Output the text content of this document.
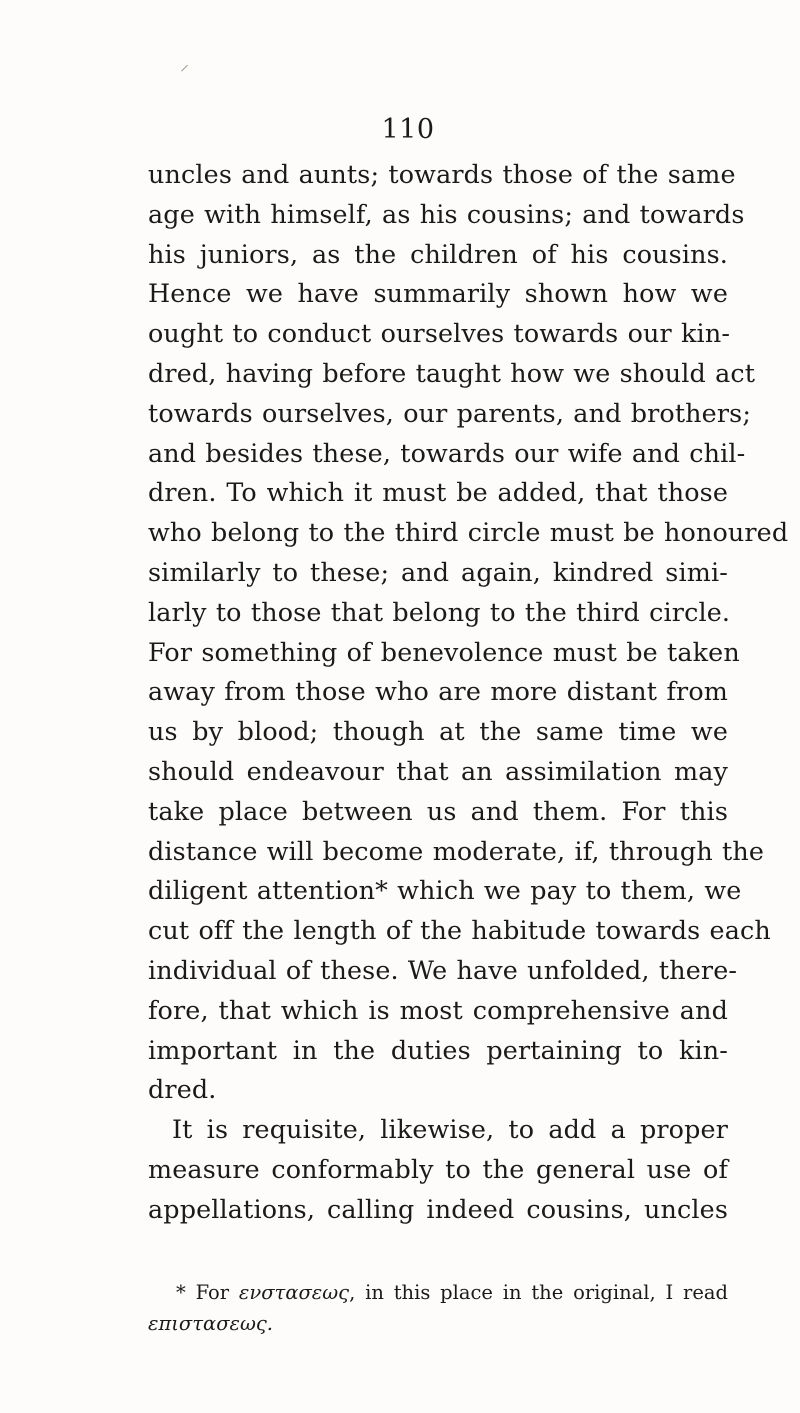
⸝
110
uncles and aunts; towards those of the same
age with himself, as his cousins; and towards
his juniors, as the children of his cousins.
Hence we have summarily shown how we
ought to conduct ourselves towards our kin-
dred, having before taught how we should act
towards ourselves, our parents, and brothers;
and besides these, towards our wife and chil-
dren. To which it must be added, that those
who belong to the third circle must be honoured
similarly to these; and again, kindred simi-
larly to those that belong to the third circle.
For something of benevolence must be taken
away from those who are more distant from
us by blood; though at the same time we
should endeavour that an assimilation may
take place between us and them. For this
distance will become moderate, if, through the
diligent attention* which we pay to them, we
cut off the length of the habitude towards each
individual of these. We have unfolded, there-
fore, that which is most comprehensive and
important in the duties pertaining to kin-
dred.
It is requisite, likewise, to add a proper
measure conformably to the general use of
appellations, calling indeed cousins, uncles
* For ενστασεως, in this place in the original, I read
επιστασεως.
